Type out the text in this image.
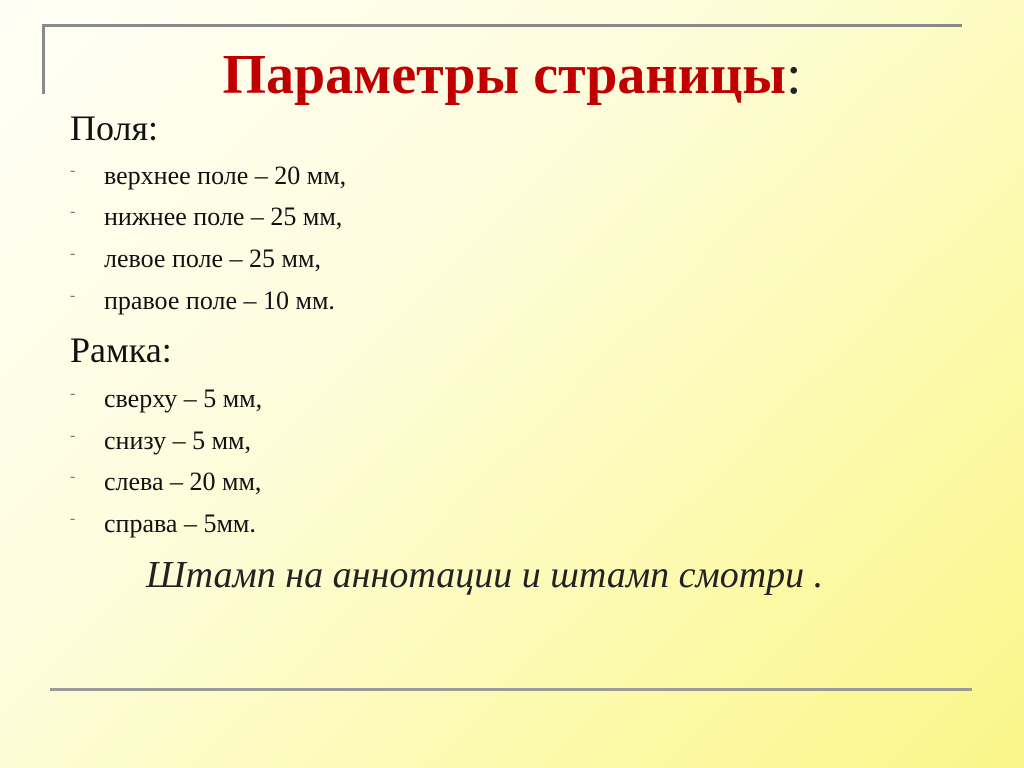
Параметры страницы:

Поля:

- верхнее поле – 20 мм,
- нижнее поле – 25 мм,
- левое поле – 25 мм,
- правое поле – 10 мм.

Рамка:

- сверху – 5 мм,
- снизу – 5 мм,
- слева – 20 мм,
- справа – 5мм.

Штамп на аннотации и штамп смотри .
